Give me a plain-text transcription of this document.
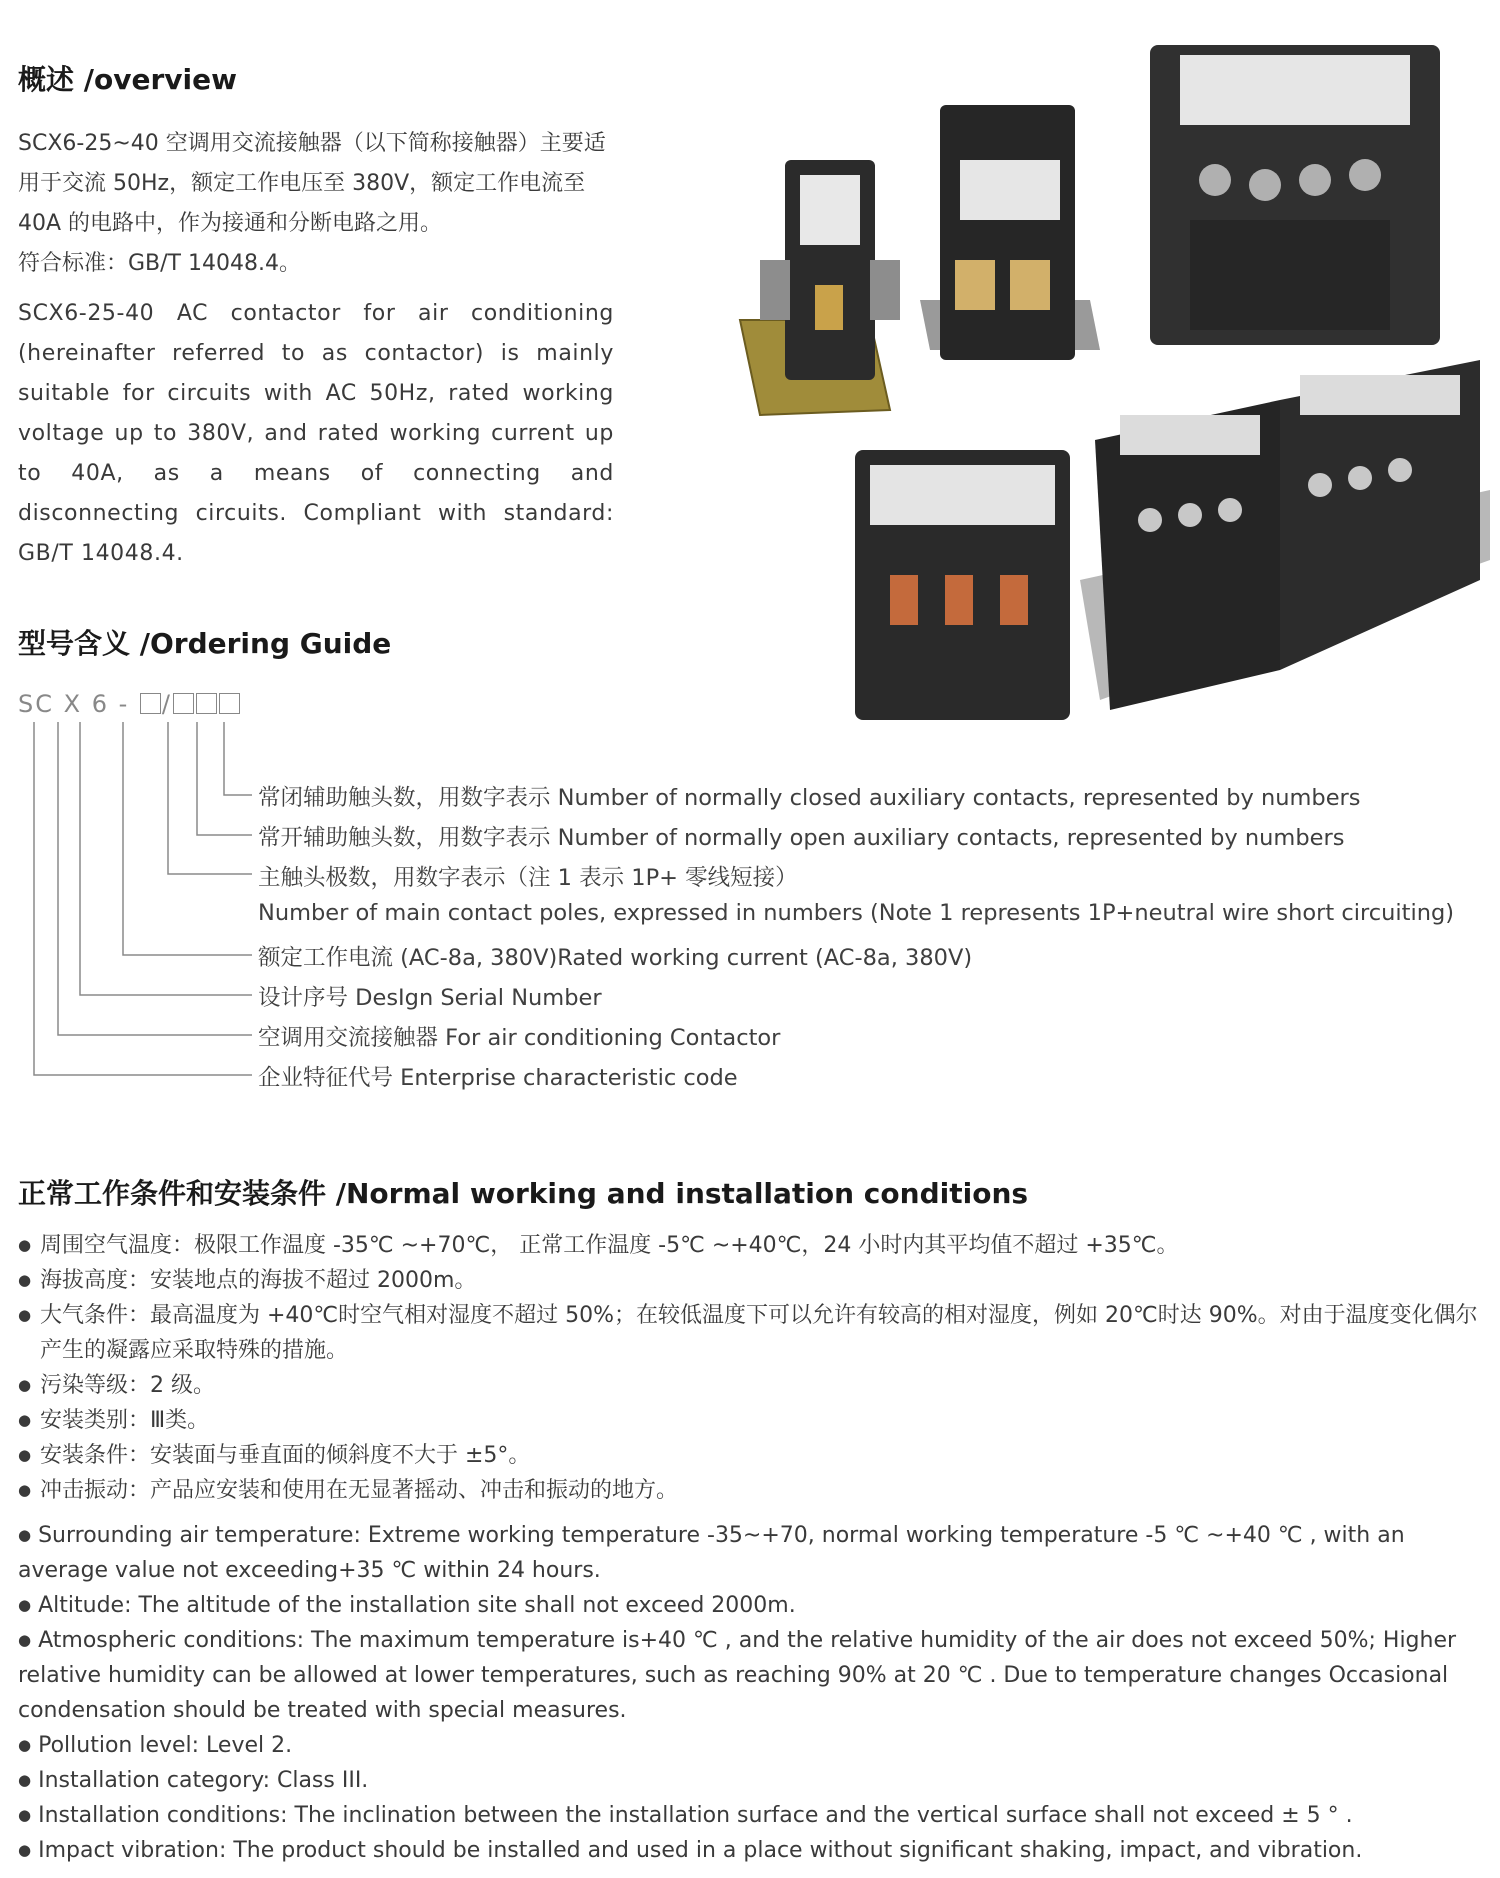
概述 /overview

SCX6-25~40 空调用交流接触器（以下简称接触器）主要适用于交流 50Hz，额定工作电压至 380V，额定工作电流至 40A 的电路中，作为接通和分断电路之用。

符合标准：GB/T 14048.4。

SCX6-25-40 AC contactor for air conditioning (hereinafter referred to as contactor) is mainly suitable for circuits with AC 50Hz, rated working voltage up to 380V, and rated working current up to 40A, as a means of connecting and disconnecting circuits. Compliant with standard: GB/T 14048.4.

型号含义 /Ordering Guide
SC X 6 - /
常闭辅助触头数，用数字表示 Number of normally closed auxiliary contacts, represented by numbers
常开辅助触头数，用数字表示 Number of normally open auxiliary contacts, represented by numbers
主触头极数，用数字表示（注 1 表示 1P+ 零线短接）
Number of main contact poles, expressed in numbers (Note 1 represents 1P+neutral wire short circuiting)
额定工作电流 (AC-8a, 380V)Rated working current (AC-8a, 380V)
设计序号 DesIgn Serial Number
空调用交流接触器 For air conditioning Contactor
企业特征代号 Enterprise characteristic code
正常工作条件和安装条件 /Normal working and installation conditions
● 周围空气温度：极限工作温度 -35℃ ~+70℃， 正常工作温度 -5℃ ~+40℃，24 小时内其平均值不超过 +35℃。
● 海拔高度：安装地点的海拔不超过 2000m。
● 大气条件：最高温度为 +40℃时空气相对湿度不超过 50%；在较低温度下可以允许有较高的相对湿度，例如 20℃时达 90%。对由于温度变化偶尔产生的凝露应采取特殊的措施。
● 污染等级：2 级。
● 安装类别：Ⅲ类。
● 安装条件：安装面与垂直面的倾斜度不大于 ±5°。
● 冲击振动：产品应安装和使用在无显著摇动、冲击和振动的地方。
● Surrounding air temperature: Extreme working temperature -35~+70, normal working temperature -5 ℃ ~+40 ℃ , with an average value not exceeding+35 ℃ within 24 hours.
● Altitude: The altitude of the installation site shall not exceed 2000m.
● Atmospheric conditions: The maximum temperature is+40 ℃ , and the relative humidity of the air does not exceed 50%; Higher relative humidity can be allowed at lower temperatures, such as reaching 90% at 20 ℃ . Due to temperature changes Occasional condensation should be treated with special measures.
● Pollution level: Level 2.
● Installation category: Class III.
● Installation conditions: The inclination between the installation surface and the vertical surface shall not exceed ± 5 ° .
● Impact vibration: The product should be installed and used in a place without significant shaking, impact, and vibration.
